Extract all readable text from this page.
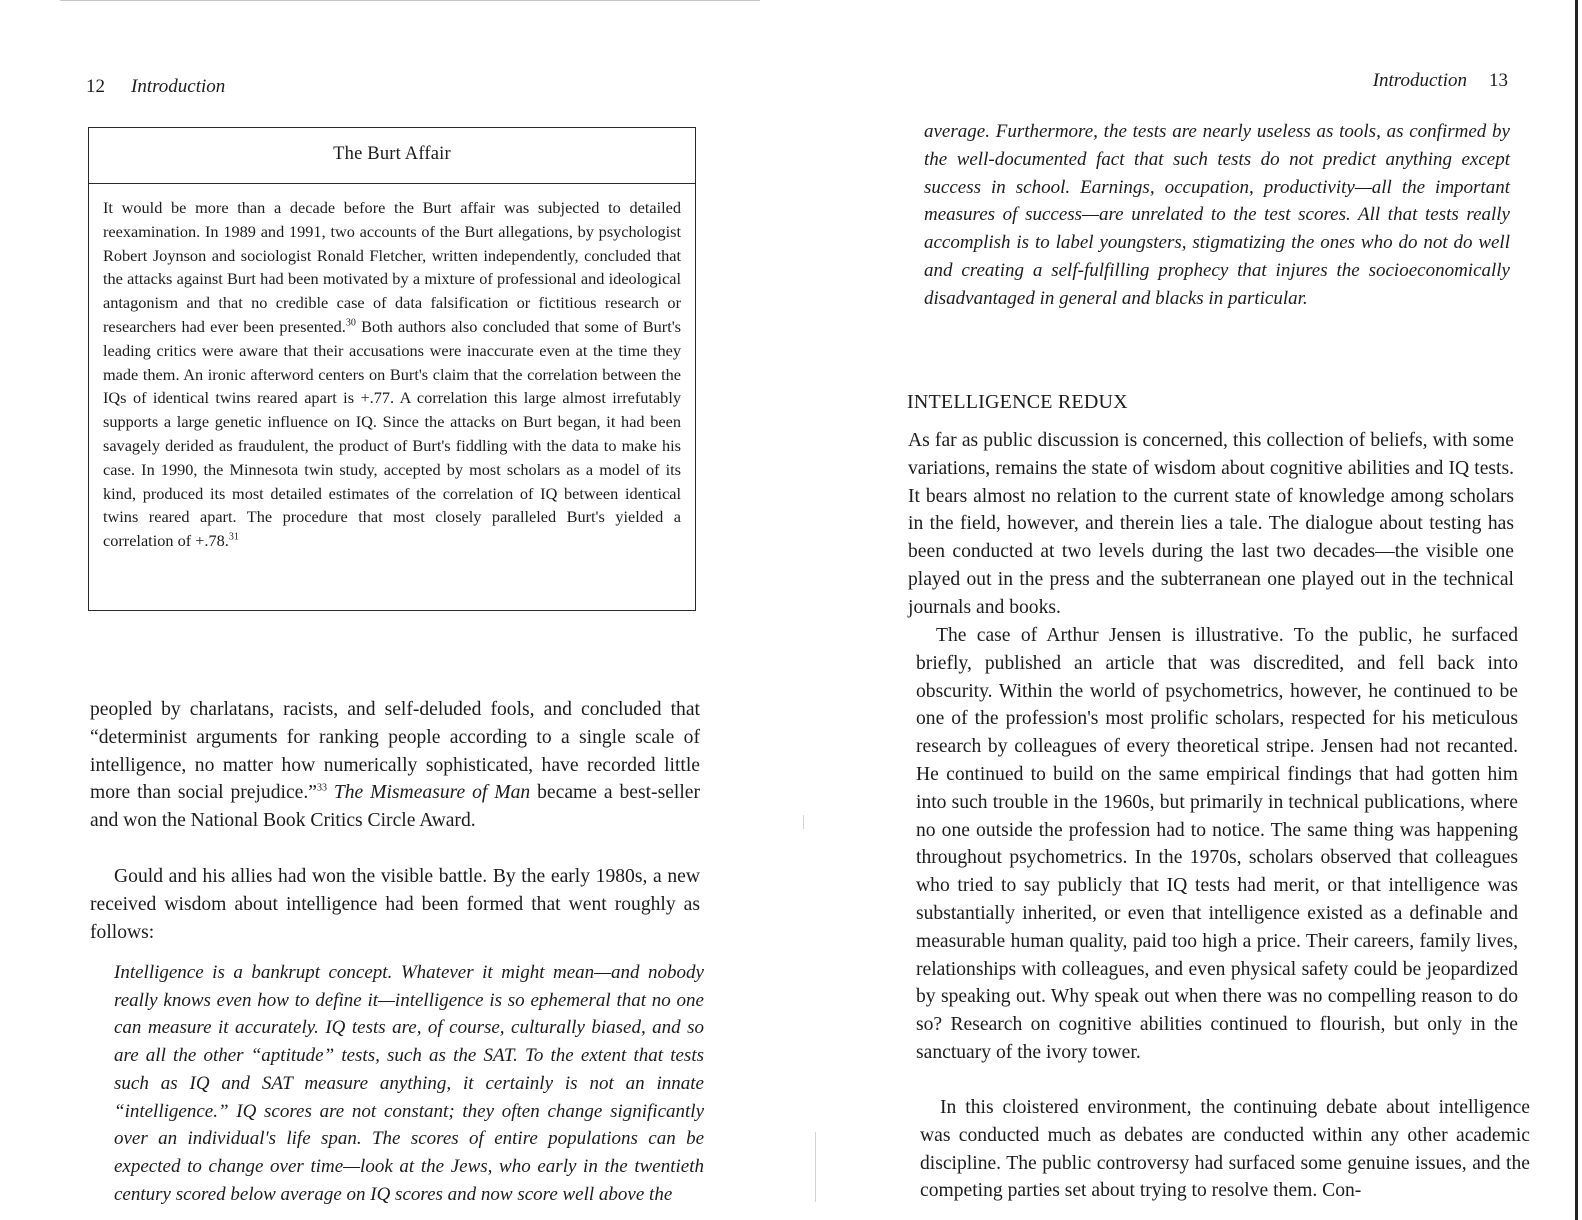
12 Introduction
The Burt Affair

It would be more than a decade before the Burt affair was subjected to detailed reexamination. In 1989 and 1991, two accounts of the Burt allegations, by psychologist Robert Joynson and sociologist Ronald Fletcher, written independently, concluded that the attacks against Burt had been motivated by a mixture of professional and ideological antagonism and that no credible case of data falsification or fictitious research or researchers had ever been presented.$^{30}$ Both authors also concluded that some of Burt's leading critics were aware that their accusations were inaccurate even at the time they made them. An ironic afterword centers on Burt's claim that the correlation between the IQs of identical twins reared apart is +.77. A correlation this large almost irrefutably supports a large genetic influence on IQ. Since the attacks on Burt began, it had been savagely derided as fraudulent, the product of Burt's fiddling with the data to make his case. In 1990, the Minnesota twin study, accepted by most scholars as a model of its kind, produced its most detailed estimates of the correlation of IQ between identical twins reared apart. The procedure that most closely paralleled Burt's yielded a correlation of +.78.31

peopled by charlatans, racists, and self-deluded fools, and concluded that “determinist arguments for ranking people according to a single scale of intelligence, no matter how numerically sophisticated, have recorded little more than social prejudice.”$^{33}$ The Mismeasure of Man became a best-seller and won the National Book Critics Circle Award.

Gould and his allies had won the visible battle. By the early 1980s, a new received wisdom about intelligence had been formed that went roughly as follows:

Intelligence is a bankrupt concept. Whatever it might mean—and nobody really knows even how to define it—intelligence is so ephemeral that no one can measure it accurately. IQ tests are, of course, culturally biased, and so are all the other “aptitude” tests, such as the SAT. To the extent that tests such as IQ and SAT measure anything, it certainly is not an innate “intelligence.” IQ scores are not constant; they often change significantly over an individual's life span. The scores of entire populations can be expected to change over time—look at the Jews, who early in the twentieth century scored below average on IQ scores and now score well above the

Introduction 13

average. Furthermore, the tests are nearly useless as tools, as confirmed by the well-documented fact that such tests do not predict anything except success in school. Earnings, occupation, productivity—all the important measures of success—are unrelated to the test scores. All that tests really accomplish is to label youngsters, stigmatizing the ones who do not do well and creating a self-fulfilling prophecy that injures the socioeconomically disadvantaged in general and blacks in particular.

INTELLIGENCE REDUX

As far as public discussion is concerned, this collection of beliefs, with some variations, remains the state of wisdom about cognitive abilities and IQ tests. It bears almost no relation to the current state of knowledge among scholars in the field, however, and therein lies a tale. The dialogue about testing has been conducted at two levels during the last two decades—the visible one played out in the press and the subterranean one played out in the technical journals and books.

The case of Arthur Jensen is illustrative. To the public, he surfaced briefly, published an article that was discredited, and fell back into obscurity. Within the world of psychometrics, however, he continued to be one of the profession's most prolific scholars, respected for his meticulous research by colleagues of every theoretical stripe. Jensen had not recanted. He continued to build on the same empirical findings that had gotten him into such trouble in the 1960s, but primarily in technical publications, where no one outside the profession had to notice. The same thing was happening throughout psychometrics. In the 1970s, scholars observed that colleagues who tried to say publicly that IQ tests had merit, or that intelligence was substantially inherited, or even that intelligence existed as a definable and measurable human quality, paid too high a price. Their careers, family lives, relationships with colleagues, and even physical safety could be jeopardized by speaking out. Why speak out when there was no compelling reason to do so? Research on cognitive abilities continued to flourish, but only in the sanctuary of the ivory tower.

In this cloistered environment, the continuing debate about intelligence was conducted much as debates are conducted within any other academic discipline. The public controversy had surfaced some genuine issues, and the competing parties set about trying to resolve them. Con-
